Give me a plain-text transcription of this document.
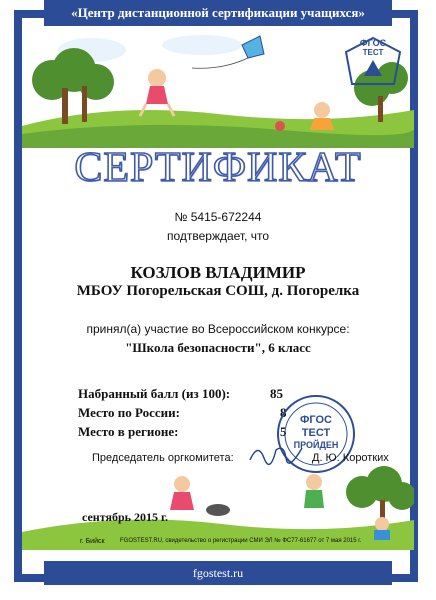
«Центр дистанционной сертификации учащихся»
ФГОС
ТЕСТ
СЕРТИФИКАТ
№ 5415-672244
подтверждает, что
КОЗЛОВ ВЛАДИМИР
МБОУ Погорельская СОШ, д. Погорелка
принял(а) участие во Всероссийском конкурсе:
"Школа безопасности", 6 класс
Набранный балл (из 100):	85
Место по России:	8
Место в регионе:	5
ФГОС
ТЕСТ
ПРОЙДЕН
Председатель оргкомитета:	Д. Ю. Коротких
сентябрь 2015 г.
г. Бийск	FGOSTEST.RU, свидетельство о регистрации СМИ ЭЛ № ФС77-61677 от 7 мая 2015 г.
fgostest.ru
